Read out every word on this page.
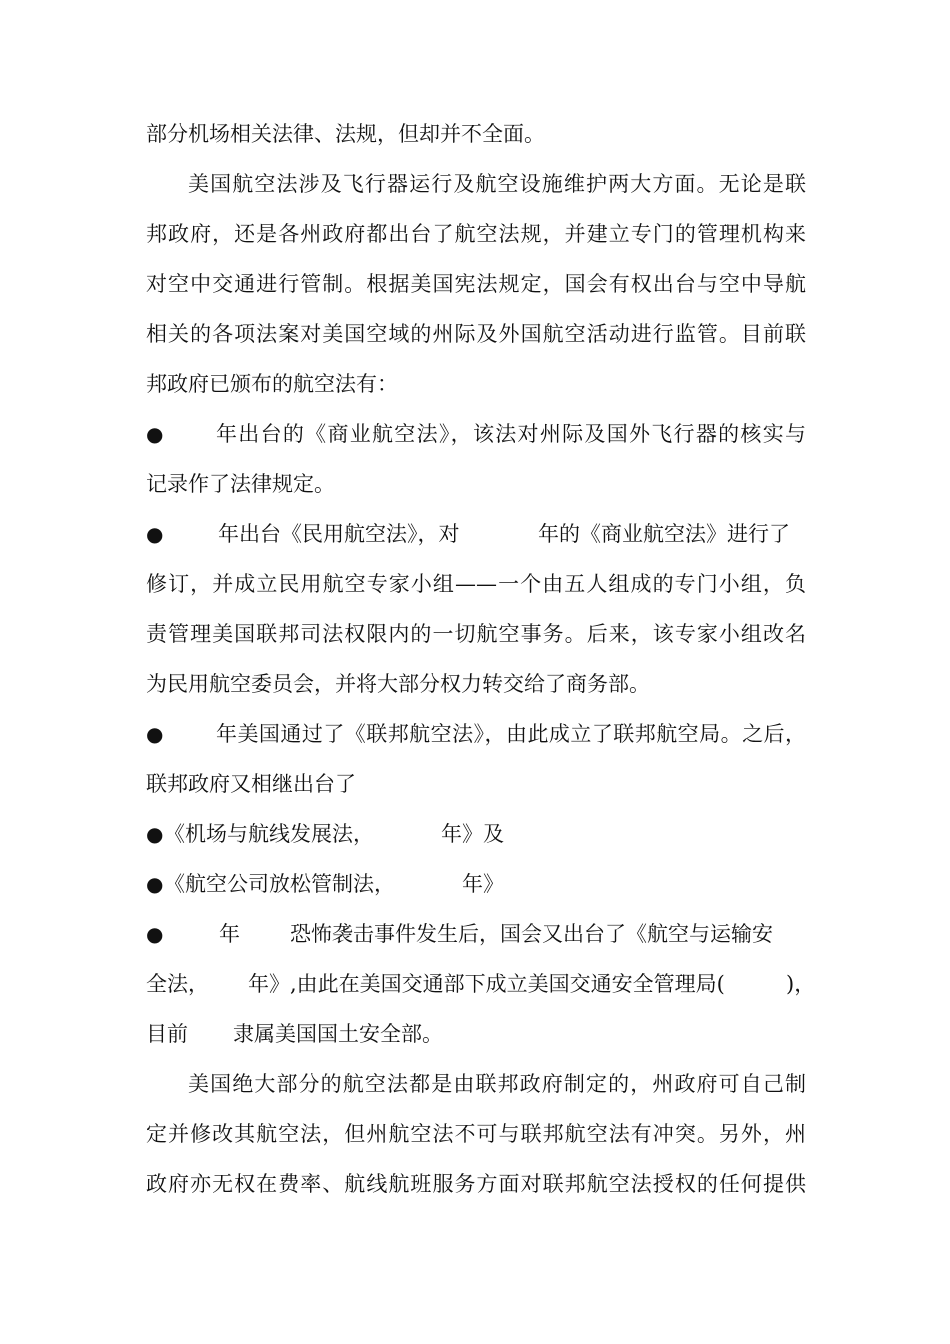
部分机场相关法律、法规，但却并不全面。
美国航空法涉及飞行器运行及航空设施维护两大方面。无论是联
邦政府，还是各州政府都出台了航空法规，并建立专门的管理机构来
对空中交通进行管制。根据美国宪法规定，国会有权出台与空中导航
相关的各项法案对美国空域的州际及外国航空活动进行监管。目前联
邦政府已颁布的航空法有：
●	年出台的《商业航空法》，该法对州际及国外飞行器的核实与
记录作了法律规定。
●	年出台《民用航空法》，对	年的《商业航空法》进行了
修订，并成立民用航空专家小组——一个由五人组成的专门小组，负
责管理美国联邦司法权限内的一切航空事务。后来，该专家小组改名
为民用航空委员会，并将大部分权力转交给了商务部。
●	年美国通过了《联邦航空法》，由此成立了联邦航空局。之后，
联邦政府又相继出台了
● 《机场与航线发展法，	年》及
● 《航空公司放松管制法，	年》
●	年 恐怖袭击事件发生后，国会又出台了《航空与运输安
全法， 年》,由此在美国交通部下成立美国交通安全管理局(	)，
目前 隶属美国国土安全部。
美国绝大部分的航空法都是由联邦政府制定的，州政府可自己制
定并修改其航空法，但州航空法不可与联邦航空法有冲突。另外，州
政府亦无权在费率、航线航班服务方面对联邦航空法授权的任何提供
